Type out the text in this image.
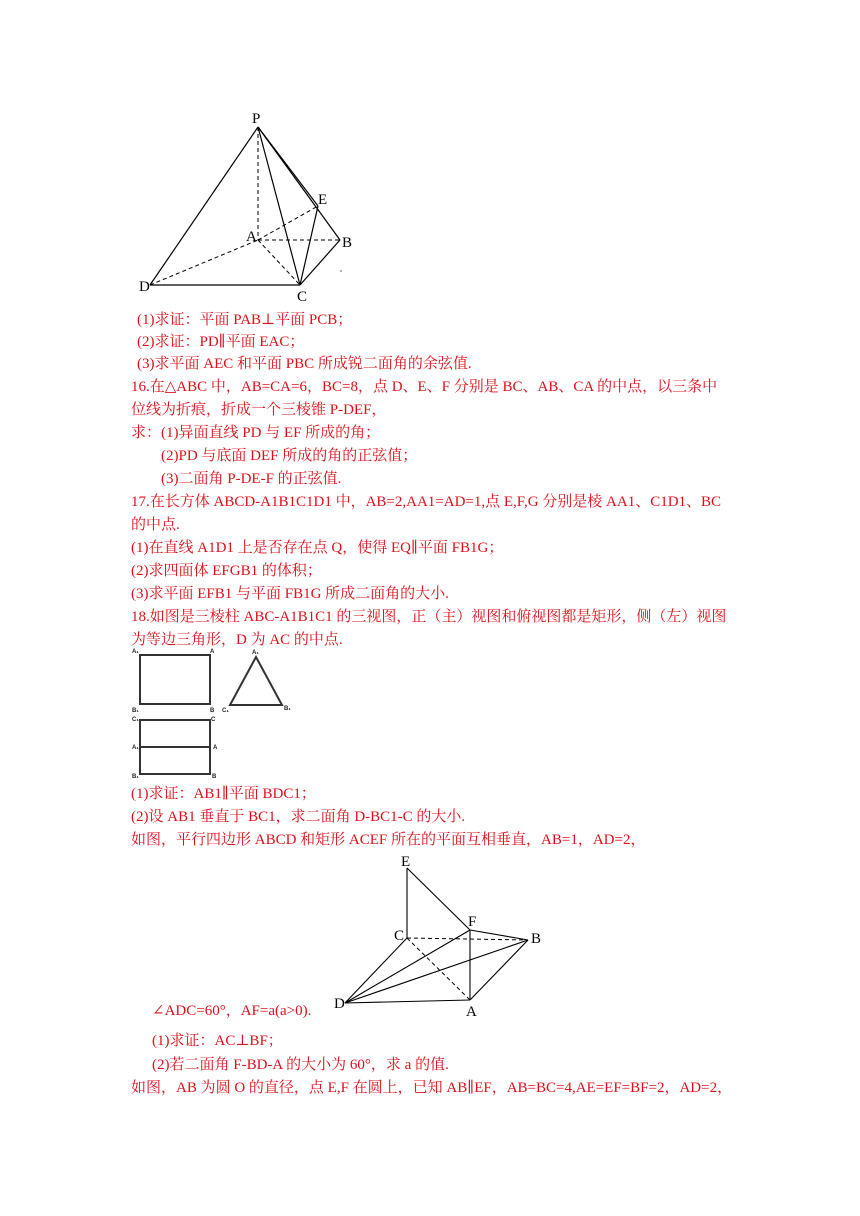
P
E
A	B
D
C
(1)求证：平面 PAB⊥平面 PCB；
(2)求证：PD∥平面 EAC；
(3)求平面 AEC 和平面 PBC 所成锐二面角的余弦值.
16.在△ABC 中，AB=CA=6，BC=8，点 D、E、F 分别是 BC、AB、CA 的中点，以三条中
位线为折痕，折成一个三棱锥 P-DEF，
求：(1)异面直线 PD 与 EF 所成的角；
(2)PD 与底面 DEF 所成的角的正弦值；
(3)二面角 P-DE-F 的正弦值.
17.在长方体 ABCD-A1B1C1D1 中，AB=2,AA1=AD=1,点 E,F,G 分别是棱 AA1、C1D1、BC
的中点.
(1)在直线 A1D1 上是否存在点 Q，使得 EQ∥平面 FB1G；
(2)求四面体 EFGB1 的体积；
(3)求平面 EFB1 与平面 FB1G 所成二面角的大小.
18.如图是三棱柱 ABC-A1B1C1 的三视图，正（主）视图和俯视图都是矩形，侧（左）视图
为等边三角形，D 为 AC 的中点.
A₁	A
B₁	B
A₁
C₁	B₁
C₁	C
A₁	A
B₁	B
(1)求证：AB1∥平面 BDC1；
(2)设 AB1 垂直于 BC1，求二面角 D-BC1-C 的大小.
如图，平行四边形 ABCD 和矩形 ACEF 所在的平面互相垂直，AB=1，AD=2，
E
F
C	B
D	A
∠ADC=60°，AF=a(a>0).
(1)求证：AC⊥BF；
(2)若二面角 F-BD-A 的大小为 60°，求 a 的值.
如图，AB 为圆 O 的直径，点 E,F 在圆上，已知 AB∥EF，AB=BC=4,AE=EF=BF=2，AD=2，
